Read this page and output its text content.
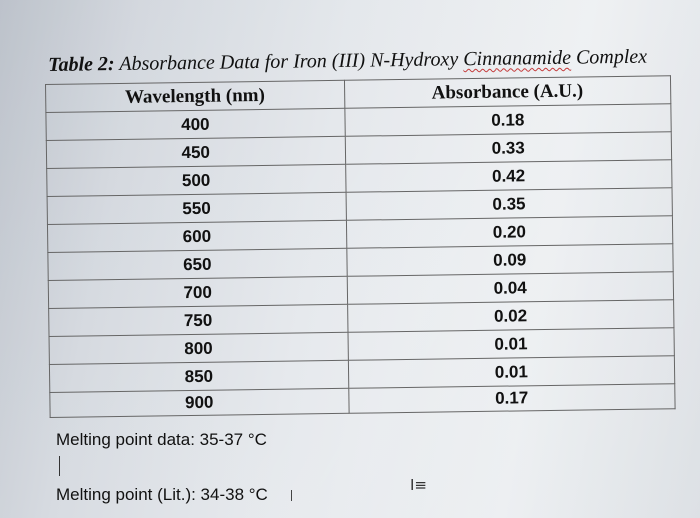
Table 2: Absorbance Data for Iron (III) N-Hydroxy Cinnanamide Complex
Wavelength (nm)	Absorbance (A.U.)
400	0.18
450	0.33
500	0.42
550	0.35
600	0.20
650	0.09
700	0.04
750	0.02
800	0.01
850	0.01
900	0.17
Melting point data: 35-37 °C
Melting point (Lit.): 34-38 °C	I≡
